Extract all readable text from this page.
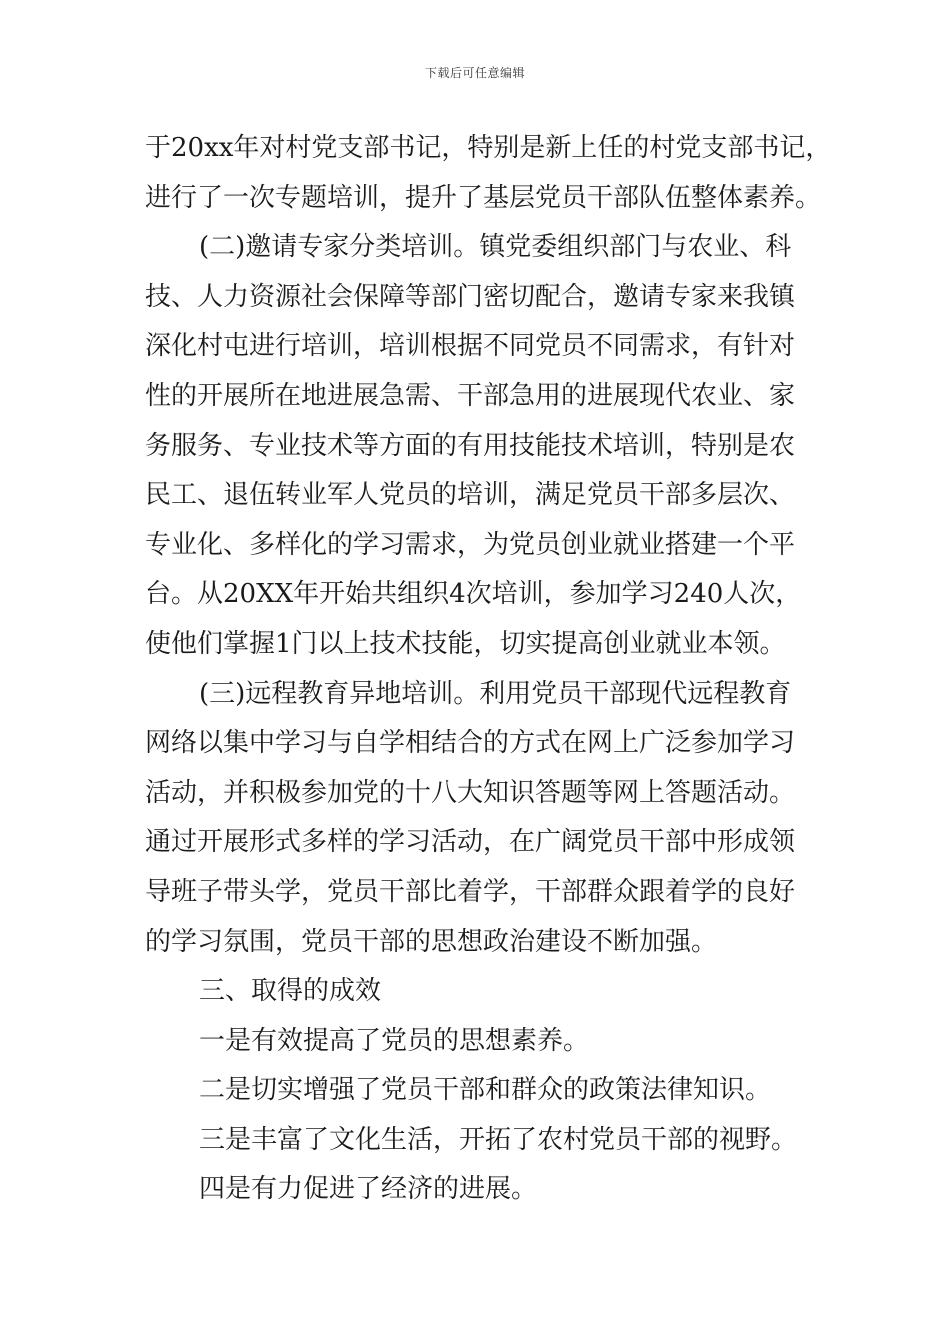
下载后可任意编辑
于20xx年对村党支部书记，特别是新上任的村党支部书记，
进行了一次专题培训，提升了基层党员干部队伍整体素养。
(二)邀请专家分类培训。镇党委组织部门与农业、科
技、人力资源社会保障等部门密切配合，邀请专家来我镇
深化村屯进行培训，培训根据不同党员不同需求，有针对
性的开展所在地进展急需、干部急用的进展现代农业、家
务服务、专业技术等方面的有用技能技术培训，特别是农
民工、退伍转业军人党员的培训，满足党员干部多层次、
专业化、多样化的学习需求，为党员创业就业搭建一个平
台。从20XX年开始共组织4次培训，参加学习240人次，
使他们掌握1门以上技术技能，切实提高创业就业本领。
(三)远程教育异地培训。利用党员干部现代远程教育
网络以集中学习与自学相结合的方式在网上广泛参加学习
活动，并积极参加党的十八大知识答题等网上答题活动。
通过开展形式多样的学习活动，在广阔党员干部中形成领
导班子带头学，党员干部比着学，干部群众跟着学的良好
的学习氛围，党员干部的思想政治建设不断加强。
三、取得的成效
一是有效提高了党员的思想素养。
二是切实增强了党员干部和群众的政策法律知识。
三是丰富了文化生活，开拓了农村党员干部的视野。
四是有力促进了经济的进展。
